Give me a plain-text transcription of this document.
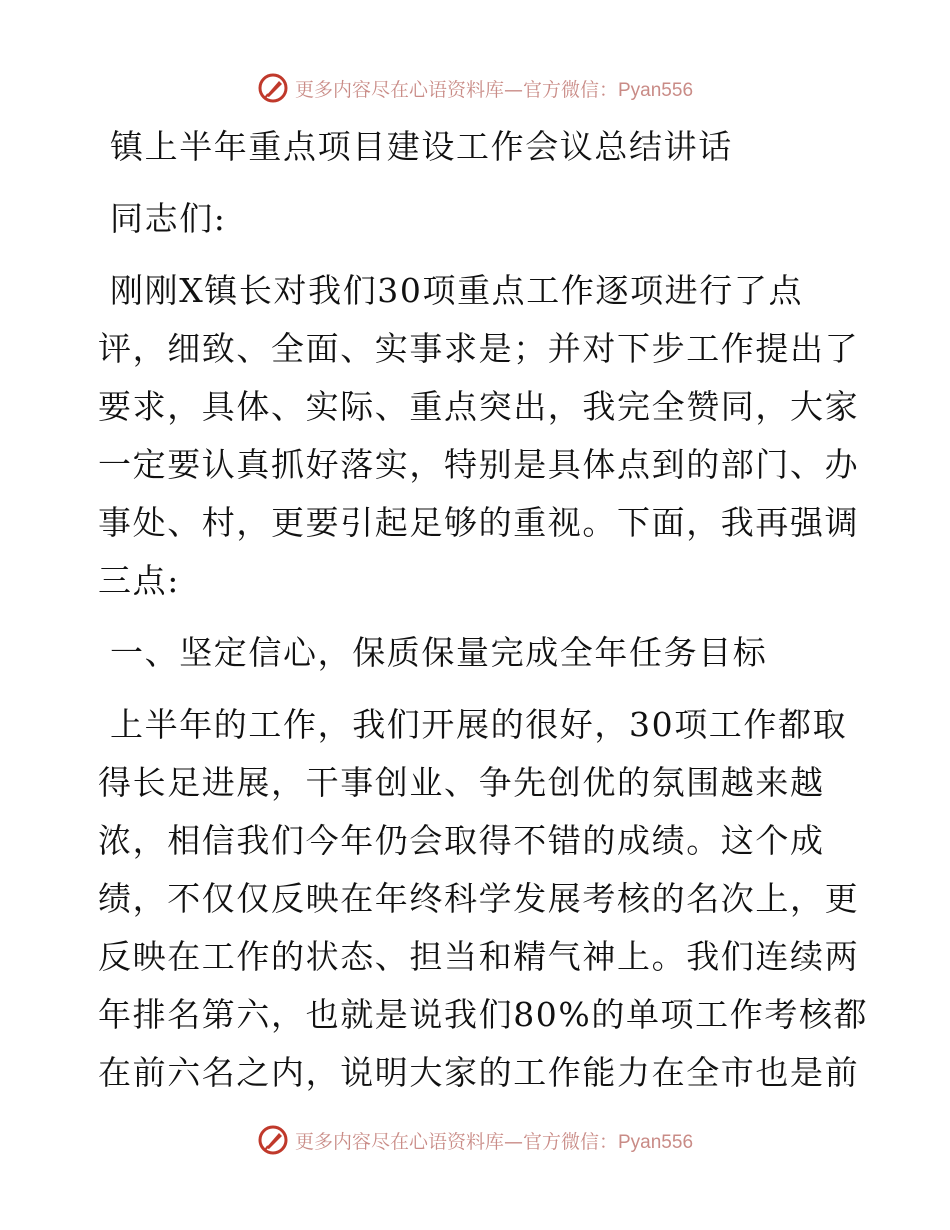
更多内容尽在心语资料库—官方微信：Pyan556
镇上半年重点项目建设工作会议总结讲话
同志们:
刚刚X镇长对我们30项重点工作逐项进行了点
评，细致、全面、实事求是；并对下步工作提出了
要求，具体、实际、重点突出，我完全赞同，大家
一定要认真抓好落实，特别是具体点到的部门、办
事处、村，更要引起足够的重视。下面，我再强调
三点:
一、坚定信心，保质保量完成全年任务目标
上半年的工作，我们开展的很好，30项工作都取
得长足进展，干事创业、争先创优的氛围越来越
浓，相信我们今年仍会取得不错的成绩。这个成
绩，不仅仅反映在年终科学发展考核的名次上，更
反映在工作的状态、担当和精气神上。我们连续两
年排名第六，也就是说我们80%的单项工作考核都
在前六名之内，说明大家的工作能力在全市也是前
更多内容尽在心语资料库—官方微信：Pyan556
